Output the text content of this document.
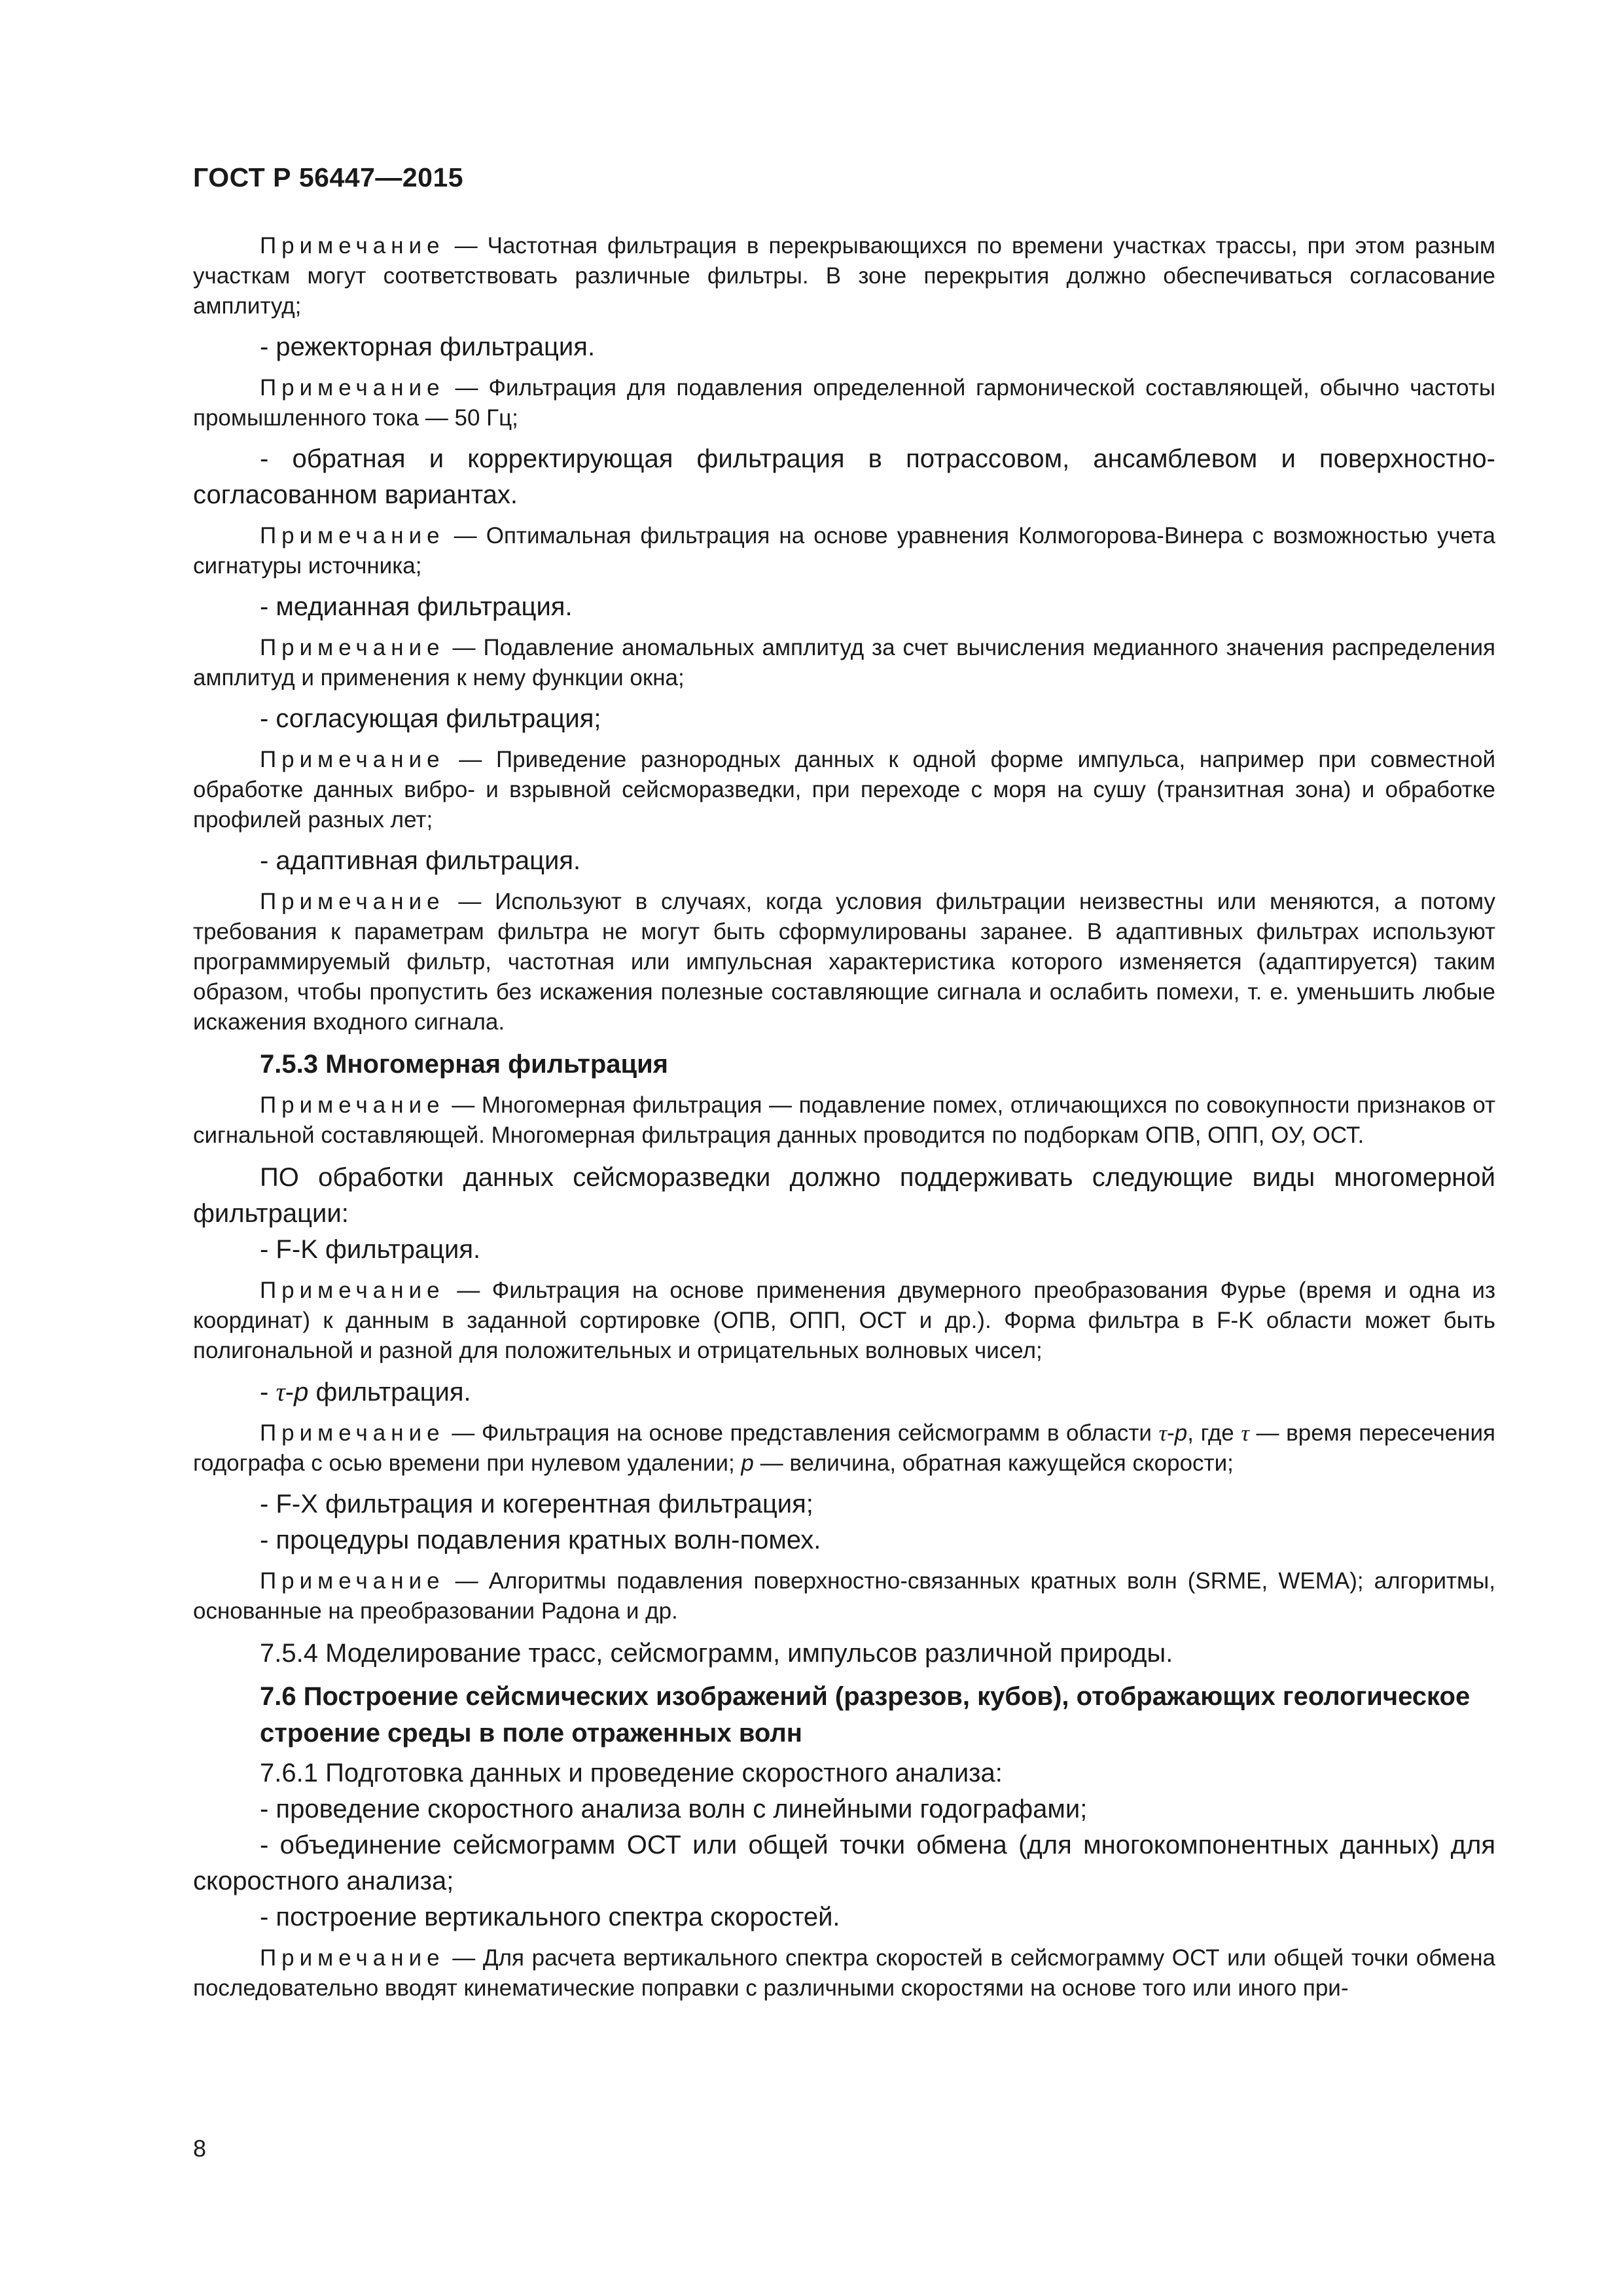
ГОСТ Р 56447—2015

Примечание — Частотная фильтрация в перекрывающихся по времени участках трассы, при этом разным участкам могут соответствовать различные фильтры. В зоне перекрытия должно обеспечиваться согласование амплитуд;

- режекторная фильтрация.

Примечание — Фильтрация для подавления определенной гармонической составляющей, обычно частоты промышленного тока — 50 Гц;

- обратная и корректирующая фильтрация в потрассовом, ансамблевом и поверхностно-согласованном вариантах.

Примечание — Оптимальная фильтрация на основе уравнения Колмогорова-Винера с возможностью учета сигнатуры источника;

- медианная фильтрация.

Примечание — Подавление аномальных амплитуд за счет вычисления медианного значения распределения амплитуд и применения к нему функции окна;

- согласующая фильтрация;

Примечание — Приведение разнородных данных к одной форме импульса, например при совместной обработке данных вибро- и взрывной сейсморазведки, при переходе с моря на сушу (транзитная зона) и обработке профилей разных лет;

- адаптивная фильтрация.

Примечание — Используют в случаях, когда условия фильтрации неизвестны или меняются, а потому требования к параметрам фильтра не могут быть сформулированы заранее. В адаптивных фильтрах используют программируемый фильтр, частотная или импульсная характеристика которого изменяется (адаптируется) таким образом, чтобы пропустить без искажения полезные составляющие сигнала и ослабить помехи, т. е. уменьшить любые искажения входного сигнала.

7.5.3 Многомерная фильтрация

Примечание — Многомерная фильтрация — подавление помех, отличающихся по совокупности признаков от сигнальной составляющей. Многомерная фильтрация данных проводится по подборкам ОПВ, ОПП, ОУ, ОСТ.

ПО обработки данных сейсморазведки должно поддерживать следующие виды многомерной фильтрации:

- F-K фильтрация.

Примечание — Фильтрация на основе применения двумерного преобразования Фурье (время и одна из координат) к данным в заданной сортировке (ОПВ, ОПП, ОСТ и др.). Форма фильтра в F-K области может быть полигональной и разной для положительных и отрицательных волновых чисел;

- τ-p фильтрация.

Примечание — Фильтрация на основе представления сейсмограмм в области τ-p, где τ — время пересечения годографа с осью времени при нулевом удалении; p — величина, обратная кажущейся скорости;

- F-X фильтрация и когерентная фильтрация;

- процедуры подавления кратных волн-помех.

Примечание — Алгоритмы подавления поверхностно-связанных кратных волн (SRME, WEMA); алгоритмы, основанные на преобразовании Радона и др.

7.5.4 Моделирование трасс, сейсмограмм, импульсов различной природы.

7.6 Построение сейсмических изображений (разрезов, кубов), отображающих геологическое строение среды в поле отраженных волн

7.6.1 Подготовка данных и проведение скоростного анализа:

- проведение скоростного анализа волн с линейными годографами;

- объединение сейсмограмм ОСТ или общей точки обмена (для многокомпонентных данных) для скоростного анализа;

- построение вертикального спектра скоростей.

Примечание — Для расчета вертикального спектра скоростей в сейсмограмму ОСТ или общей точки обмена последовательно вводят кинематические поправки с различными скоростями на основе того или иного при-

8
